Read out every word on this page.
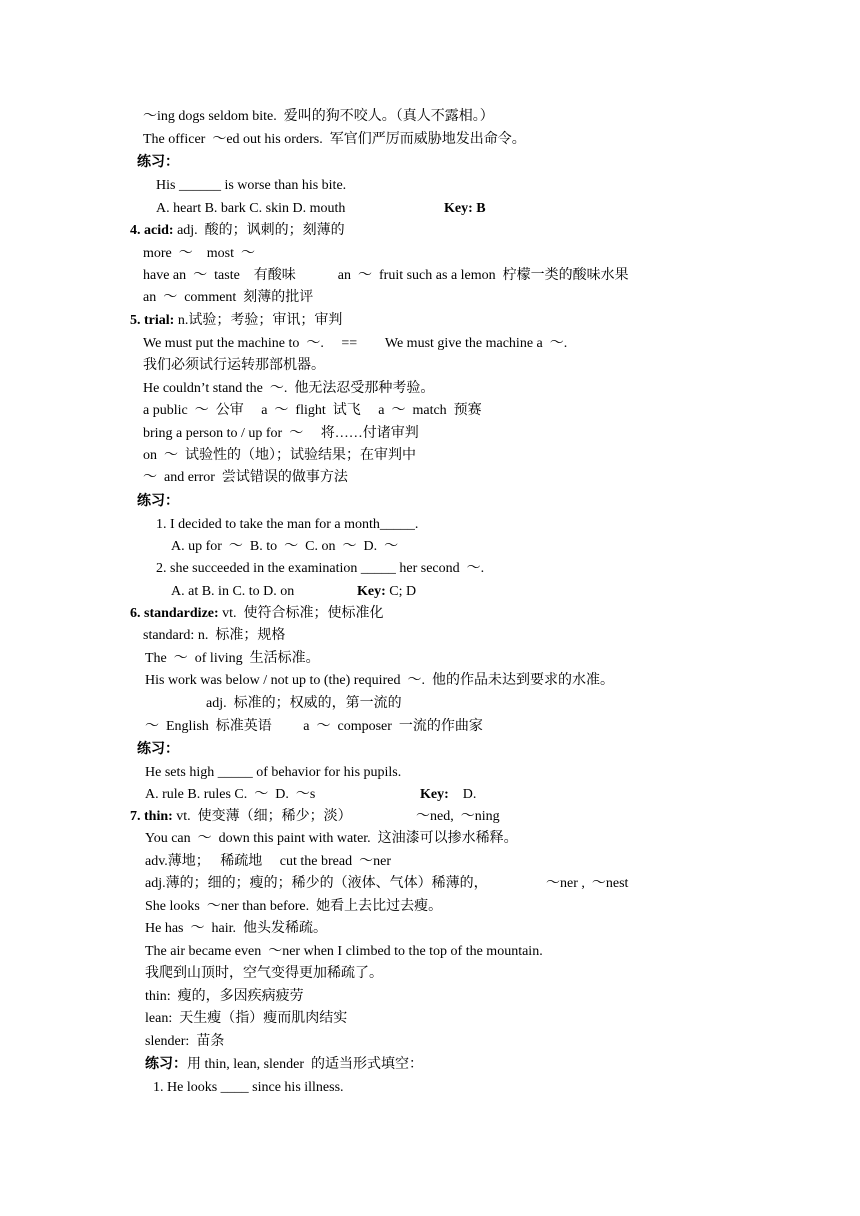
～ing dogs seldom bite.  爱叫的狗不咬人。（真人不露相。）
The officer  ～ed out his orders.  军官们严厉而威胁地发出命令。
练习：
His ______ is worse than his bite.
A. heart B. bark C. skin D. mouth	Key: B
4. acid: adj.  酸的；讽刺的；刻薄的
more  ～    most  ～
have an  ～  taste    有酸味            an  ～  fruit such as a lemon  柠檬一类的酸味水果
an  ～  comment  刻薄的批评
5. trial: n.试验；考验；审讯；审判
We must put the machine to  ～.     ==        We must give the machine a  ～.
我们必须试行运转那部机器。
He couldn’t stand the  ～.  他无法忍受那种考验。
a public  ～  公审     a  ～  flight  试飞     a  ～  match  预赛
bring a person to / up for  ～     将……付诸审判
on  ～  试验性的（地）；试验结果；在审判中
～  and error  尝试错误的做事方法
练习：
1. I decided to take the man for a month_____.
A. up for  ～  B. to  ～  C. on  ～  D.  ～
2. she succeeded in the examination _____ her second  ～.
A. at B. in C. to D. on	Key: C; D
6. standardize: vt.  使符合标准；使标准化
standard: n.  标准；规格
The  ～  of living  生活标准。
His work was below / not up to (the) required  ～.  他的作品未达到要求的水准。
adj.  标准的；权威的，第一流的
～  English  标准英语         a  ～  composer  一流的作曲家
练习：
He sets high _____ of behavior for his pupils.
A. rule B. rules C.  ～  D.  ～s	Key:    D.
7. thin: vt.  使变薄（细；稀少；淡）	～ned,  ～ning
You can  ～  down this paint with water.  这油漆可以掺水稀释。
adv.薄地；   稀疏地     cut the bread  ～ner
adj.薄的；细的；瘦的；稀少的（液体、气体）稀薄的，	～ner ,  ～nest
She looks  ～ner than before.  她看上去比过去瘦。
He has  ～  hair.  他头发稀疏。
The air became even  ～ner when I climbed to the top of the mountain.
我爬到山顶时，空气变得更加稀疏了。
thin:  瘦的，多因疾病疲劳
lean:  天生瘦（指）瘦而肌肉结实
slender:  苗条
练习：用 thin, lean, slender  的适当形式填空：
1. He looks ____ since his illness.
